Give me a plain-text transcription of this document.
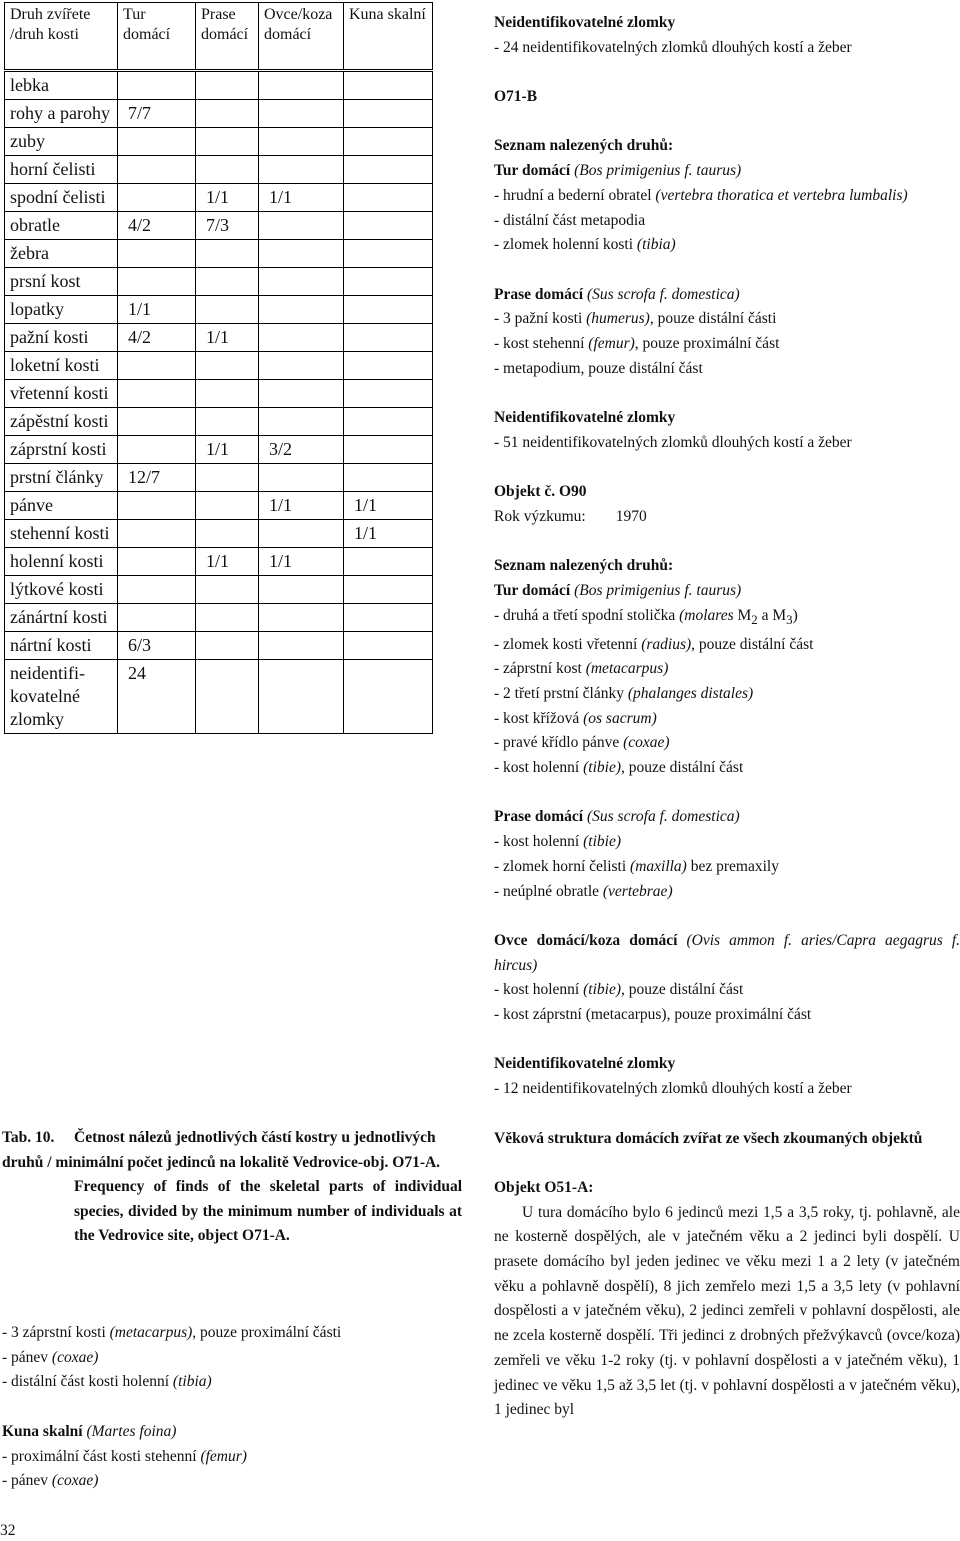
Druh zvířete /druh kosti	Tur domácí	Prase domácí	Ovce/koza domácí	Kuna skalní
lebka				
rohy a parohy	7/7			
zuby				
horní čelisti				
spodní čelisti		1/1	1/1	
obratle	4/2	7/3		
žebra				
prsní kost				
lopatky	1/1			
pažní kosti	4/2	1/1		
loketní kosti				
vřetenní kosti				
zápěstní kosti				
záprstní kosti		1/1	3/2	
prstní články	12/7			
pánve			1/1	1/1
stehenní kosti				1/1
holenní kosti		1/1	1/1	
lýtkové kosti				
zánártní kosti				
nártní kosti	6/3			
neidentifi-kovatelné zlomky	24			
Tab. 10. Četnost nálezů jednotlivých částí kostry u jednotlivých druhů / minimální počet jedinců na lokalitě Vedrovice-obj. O71-A.
Frequency of finds of the skeletal parts of individual species, divided by the minimum number of individuals at the Vedrovice site, object O71-A.

- 3 záprstní kosti (metacarpus), pouze proximální části

- pánev (coxae)

- distální část kosti holenní (tibia)

Kuna skalní (Martes foina)

- proximální část kosti stehenní (femur)

- pánev (coxae)

Neidentifikovatelné zlomky

- 24 neidentifikovatelných zlomků dlouhých kostí a žeber

O71-B

Seznam nalezených druhů:

Tur domácí (Bos primigenius f. taurus)

- hrudní a bederní obratel (vertebra thoratica et vertebra lumbalis)

- distální část metapodia

- zlomek holenní kosti (tibia)

Prase domácí (Sus scrofa f. domestica)

- 3 pažní kosti (humerus), pouze distální části

- kost stehenní (femur), pouze proximální část

- metapodium, pouze distální část

Neidentifikovatelné zlomky

- 51 neidentifikovatelných zlomků dlouhých kostí a žeber

Objekt č. O90

Rok výzkumu: 1970

Seznam nalezených druhů:

Tur domácí (Bos primigenius f. taurus)

- druhá a třetí spodní stolička (molares $M_2$ a $M_3$)

- zlomek kosti vřetenní (radius), pouze distální část

- záprstní kost (metacarpus)

- 2 třetí prstní články (phalanges distales)

- kost křížová (os sacrum)

- pravé křídlo pánve (coxae)

- kost holenní (tibie), pouze distální část

Prase domácí (Sus scrofa f. domestica)

- kost holenní (tibie)

- zlomek horní čelisti (maxilla) bez premaxily

- neúplné obratle (vertebrae)

Ovce domácí/koza domácí (Ovis ammon f. aries/Capra aegagrus f. hircus)

- kost holenní (tibie), pouze distální část

- kost záprstní (metacarpus), pouze proximální část

Neidentifikovatelné zlomky

- 12 neidentifikovatelných zlomků dlouhých kostí a žeber

Věková struktura domácích zvířat ze všech zkoumaných objektů

Objekt O51-A:

U tura domácího bylo 6 jedinců mezi 1,5 a 3,5 roky, tj. pohlavně, ale ne kosterně dospělých, ale v jatečném věku a 2 jedinci byli dospělí. U prasete domácího byl jeden jedinec ve věku mezi 1 a 2 lety (v jatečném věku a pohlavně dospělí), 8 jich zemřelo mezi 1,5 a 3,5 lety (v pohlavní dospělosti a v jatečném věku), 2 jedinci zemřeli v pohlavní dospělosti, ale ne zcela kosterně dospělí. Tři jedinci z drobných přežvýkavců (ovce/koza) zemřeli ve věku 1-2 roky (tj. v pohlavní dospělosti a v jatečném věku), 1 jedinec ve věku 1,5 až 3,5 let (tj. v pohlavní dospělosti a v jatečném věku), 1 jedinec byl

32
